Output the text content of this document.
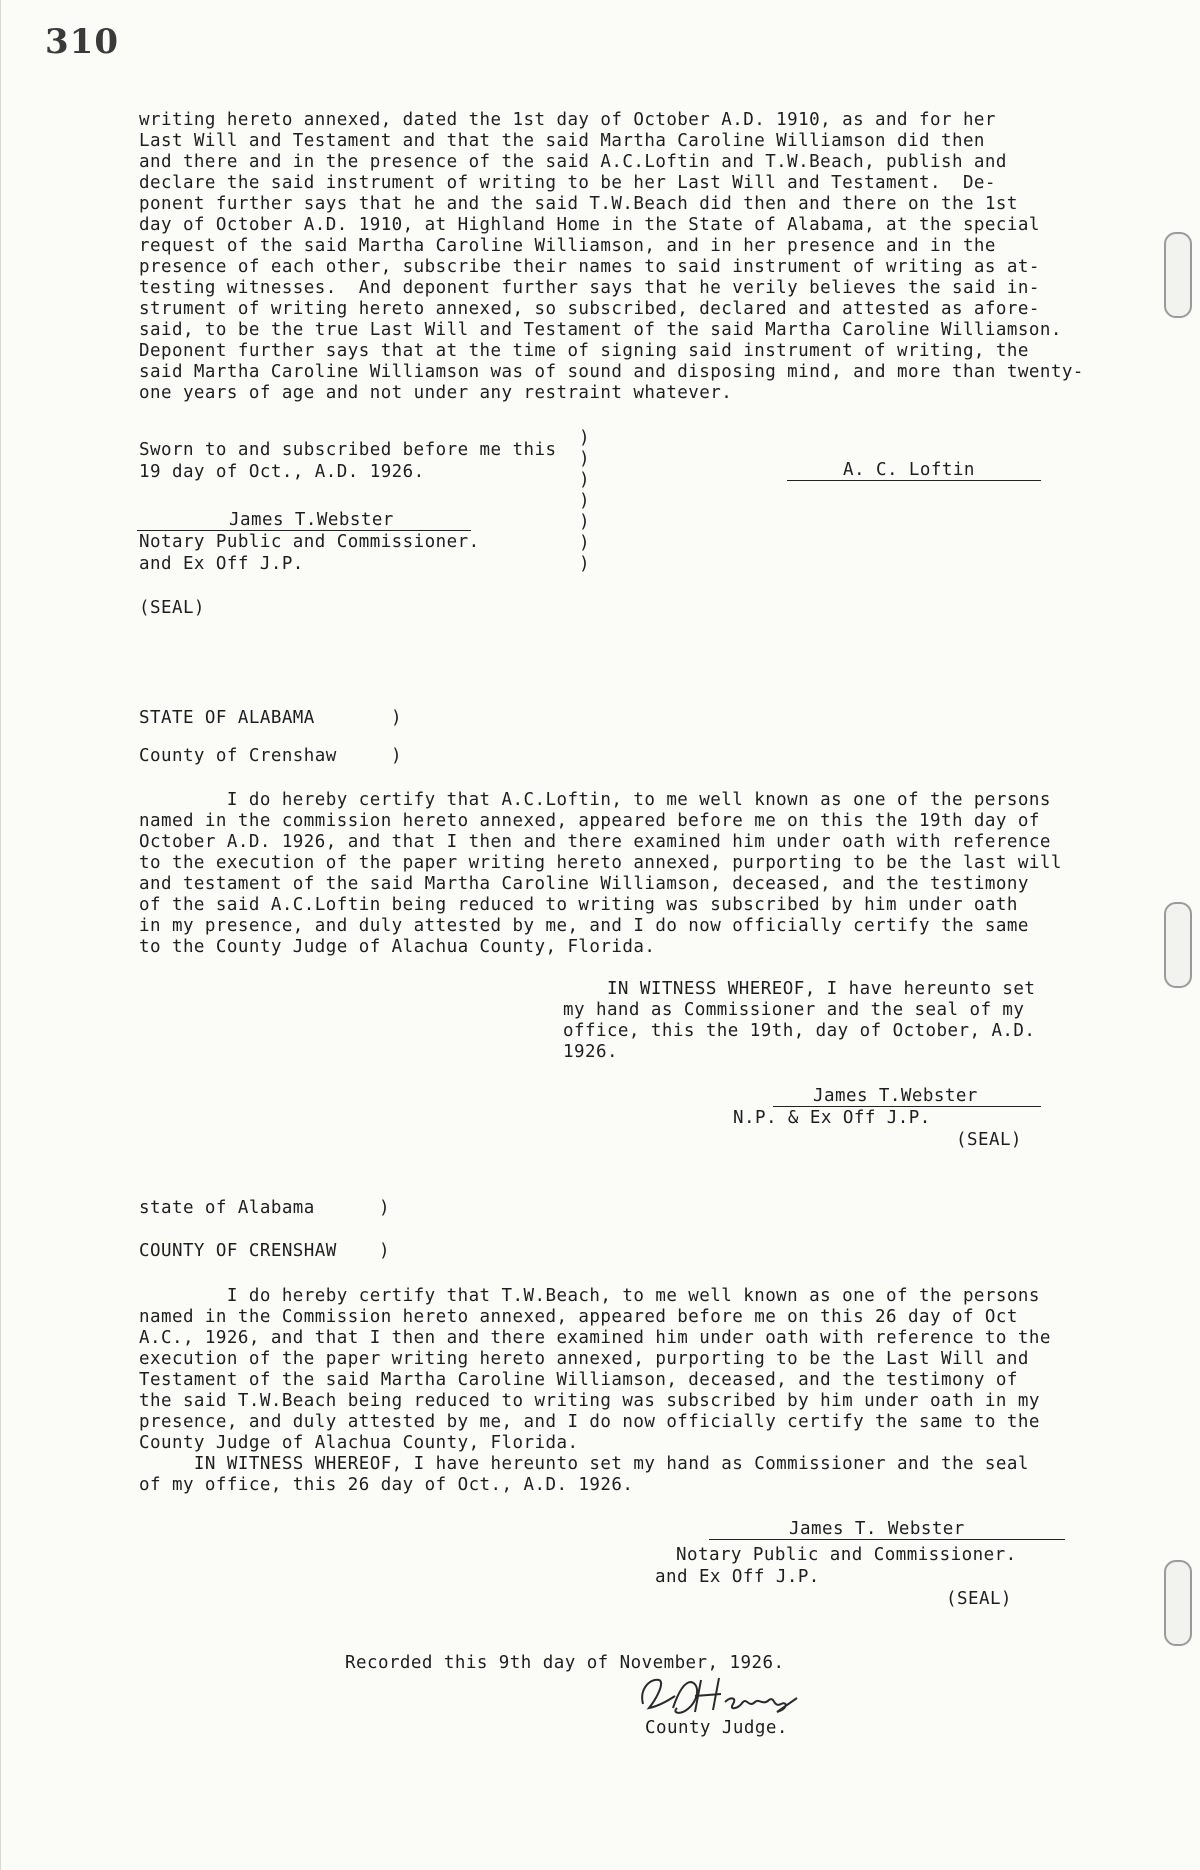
310
writing hereto annexed, dated the 1st day of October A.D. 1910, as and for her
Last Will and Testament and that the said Martha Caroline Williamson did then
and there and in the presence of the said A.C.Loftin and T.W.Beach, publish and
declare the said instrument of writing to be her Last Will and Testament.  De-
ponent further says that he and the said T.W.Beach did then and there on the 1st
day of October A.D. 1910, at Highland Home in the State of Alabama, at the special
request of the said Martha Caroline Williamson, and in her presence and in the
presence of each other, subscribe their names to said instrument of writing as at-
testing witnesses.  And deponent further says that he verily believes the said in-
strument of writing hereto annexed, so subscribed, declared and attested as afore-
said, to be the true Last Will and Testament of the said Martha Caroline Williamson.
Deponent further says that at the time of signing said instrument of writing, the
said Martha Caroline Williamson was of sound and disposing mind, and more than twenty-
one years of age and not under any restraint whatever.
Sworn to and subscribed before me this
19 day of Oct., A.D. 1926.
)
)
)
)
)
)
)
A. C. Loftin
James T.Webster
Notary Public and Commissioner.
and Ex Off J.P.
(SEAL)
STATE OF ALABAMA	)
County of Crenshaw	)
I do hereby certify that A.C.Loftin, to me well known as one of the persons
named in the commission hereto annexed, appeared before me on this the 19th day of
October A.D. 1926, and that I then and there examined him under oath with reference
to the execution of the paper writing hereto annexed, purporting to be the last will
and testament of the said Martha Caroline Williamson, deceased, and the testimony
of the said A.C.Loftin being reduced to writing was subscribed by him under oath
in my presence, and duly attested by me, and I do now officially certify the same
to the County Judge of Alachua County, Florida.
IN WITNESS WHEREOF, I have hereunto set
my hand as Commissioner and the seal of my
office, this the 19th, day of October, A.D.
1926.
James T.Webster
N.P. & Ex Off J.P.
(SEAL)
state of Alabama	)
COUNTY OF CRENSHAW )
I do hereby certify that T.W.Beach, to me well known as one of the persons
named in the Commission hereto annexed, appeared before me on this 26 day of Oct
A.C., 1926, and that I then and there examined him under oath with reference to the
execution of the paper writing hereto annexed, purporting to be the Last Will and
Testament of the said Martha Caroline Williamson, deceased, and the testimony of
the said T.W.Beach being reduced to writing was subscribed by him under oath in my
presence, and duly attested by me, and I do now officially certify the same to the
County Judge of Alachua County, Florida.
IN WITNESS WHEREOF, I have hereunto set my hand as Commissioner and the seal
of my office, this 26 day of Oct., A.D. 1926.
James T. Webster
Notary Public and Commissioner.
and Ex Off J.P.
(SEAL)
Recorded this 9th day of November, 1926.
County Judge.
